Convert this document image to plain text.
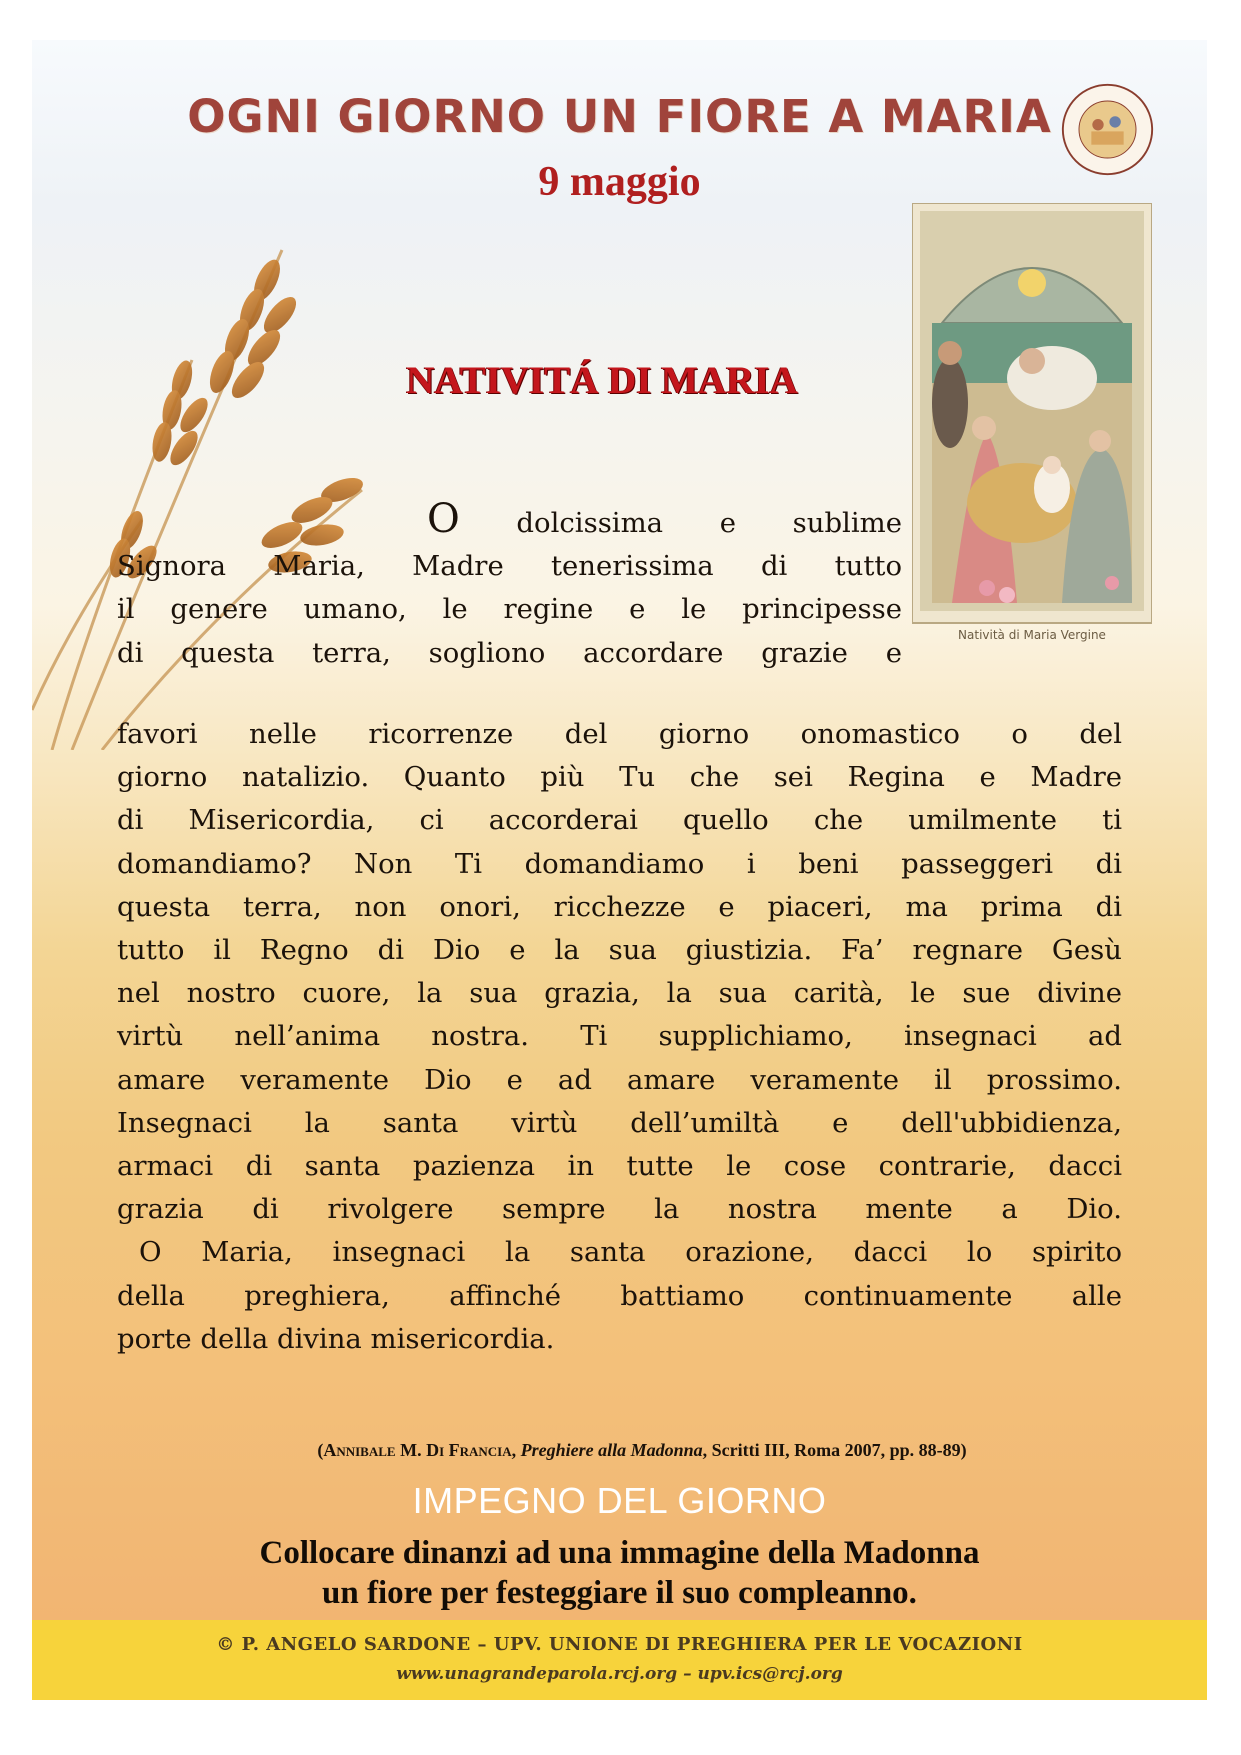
OGNI GIORNO UN FIORE A MARIA
9 maggio
Natività di Maria Vergine
NATIVITÁ DI MARIA
O dolcissima e sublime
Signora Maria, Madre tenerissima di tutto
il genere umano, le regine e le principesse
di questa terra, sogliono accordare grazie e
favori nelle ricorrenze del giorno onomastico o del
giorno natalizio. Quanto più Tu che sei Regina e Madre
di Misericordia, ci accorderai quello che umilmente ti
domandiamo? Non Ti domandiamo i beni passeggeri di
questa terra, non onori, ricchezze e piaceri, ma prima di
tutto il Regno di Dio e la sua giustizia. Fa’ regnare Gesù
nel nostro cuore, la sua grazia, la sua carità, le sue divine
virtù nell’anima nostra. Ti supplichiamo, insegnaci ad
amare veramente Dio e ad amare veramente il prossimo.
Insegnaci la santa virtù dell’umiltà e dell'ubbidienza,
armaci di santa pazienza in tutte le cose contrarie, dacci
grazia di rivolgere sempre la nostra mente a Dio.
O Maria, insegnaci la santa orazione, dacci lo spirito
della preghiera, affinché battiamo continuamente alle
porte della divina misericordia.
(Annibale M. Di Francia, Preghiere alla Madonna, Scritti III, Roma 2007, pp. 88-89)
IMPEGNO DEL GIORNO
Collocare dinanzi ad una immagine della Madonna
un fiore per festeggiare il suo compleanno.
© P. ANGELO SARDONE – UPV. UNIONE DI PREGHIERA PER LE VOCAZIONI
www.unagrandeparola.rcj.org – upv.ics@rcj.org
